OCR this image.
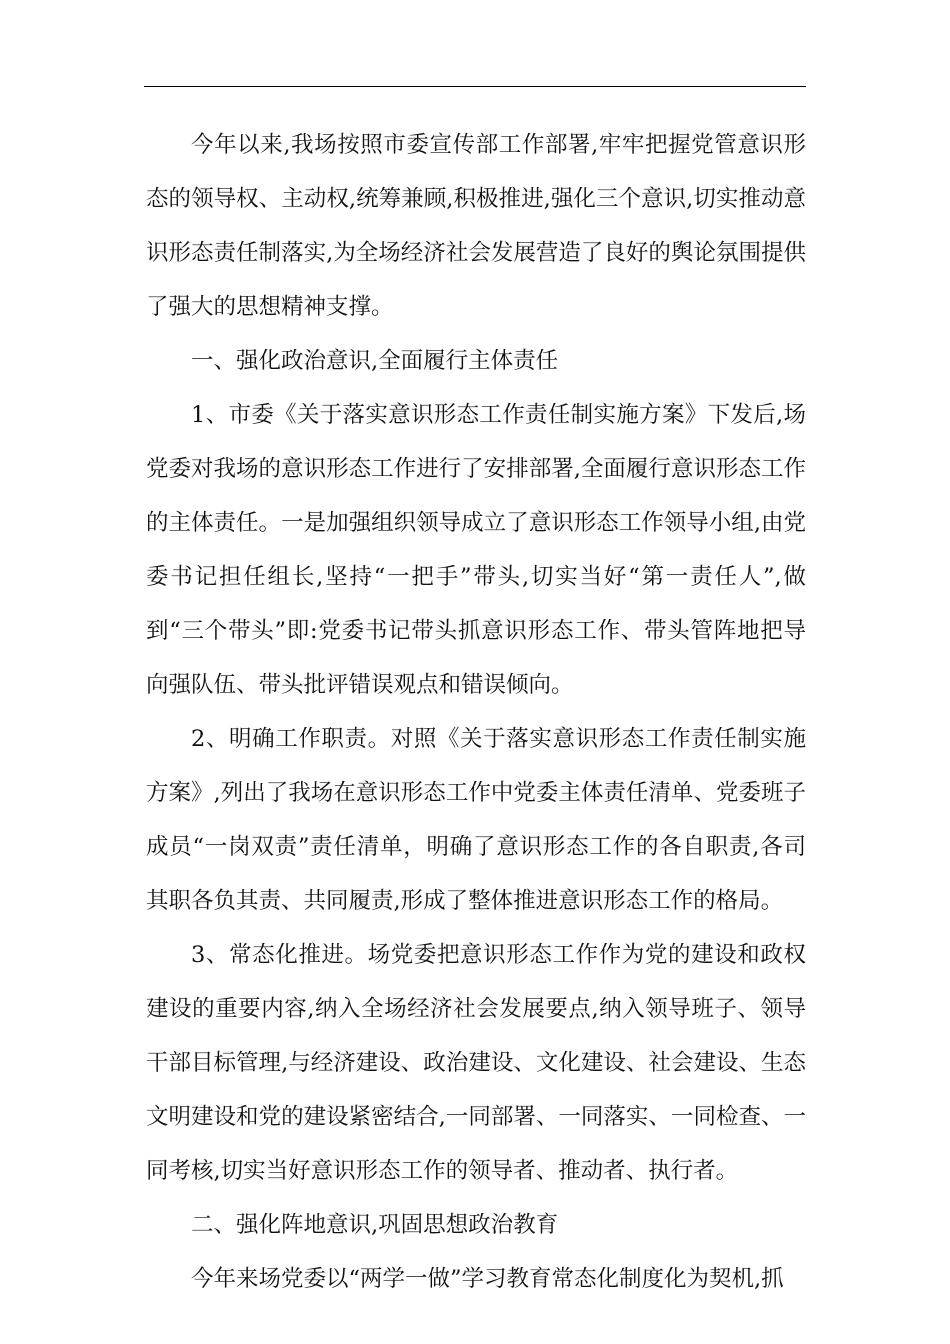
今年以来,我场按照市委宣传部工作部署,牢牢把握党管意识形态的领导权、主动权,统筹兼顾,积极推进,强化三个意识,切实推动意识形态责任制落实,为全场经济社会发展营造了良好的舆论氛围提供了强大的思想精神支撑。

一、强化政治意识,全面履行主体责任

1、市委《关于落实意识形态工作责任制实施方案》下发后,场党委对我场的意识形态工作进行了安排部署,全面履行意识形态工作的主体责任。一是加强组织领导成立了意识形态工作领导小组,由党委书记担任组长,坚持“一把手”带头,切实当好“第一责任人”,做到“三个带头”即:党委书记带头抓意识形态工作、带头管阵地把导向强队伍、带头批评错误观点和错误倾向。

2、明确工作职责。对照《关于落实意识形态工作责任制实施方案》,列出了我场在意识形态工作中党委主体责任清单、党委班子成员“一岗双责”责任清单，明确了意识形态工作的各自职责,各司其职各负其责、共同履责,形成了整体推进意识形态工作的格局。

3、常态化推进。场党委把意识形态工作作为党的建设和政权建设的重要内容,纳入全场经济社会发展要点,纳入领导班子、领导干部目标管理,与经济建设、政治建设、文化建设、社会建设、生态文明建设和党的建设紧密结合,一同部署、一同落实、一同检查、一同考核,切实当好意识形态工作的领导者、推动者、执行者。

二、强化阵地意识,巩固思想政治教育

今年来场党委以“两学一做”学习教育常态化制度化为契机,抓
